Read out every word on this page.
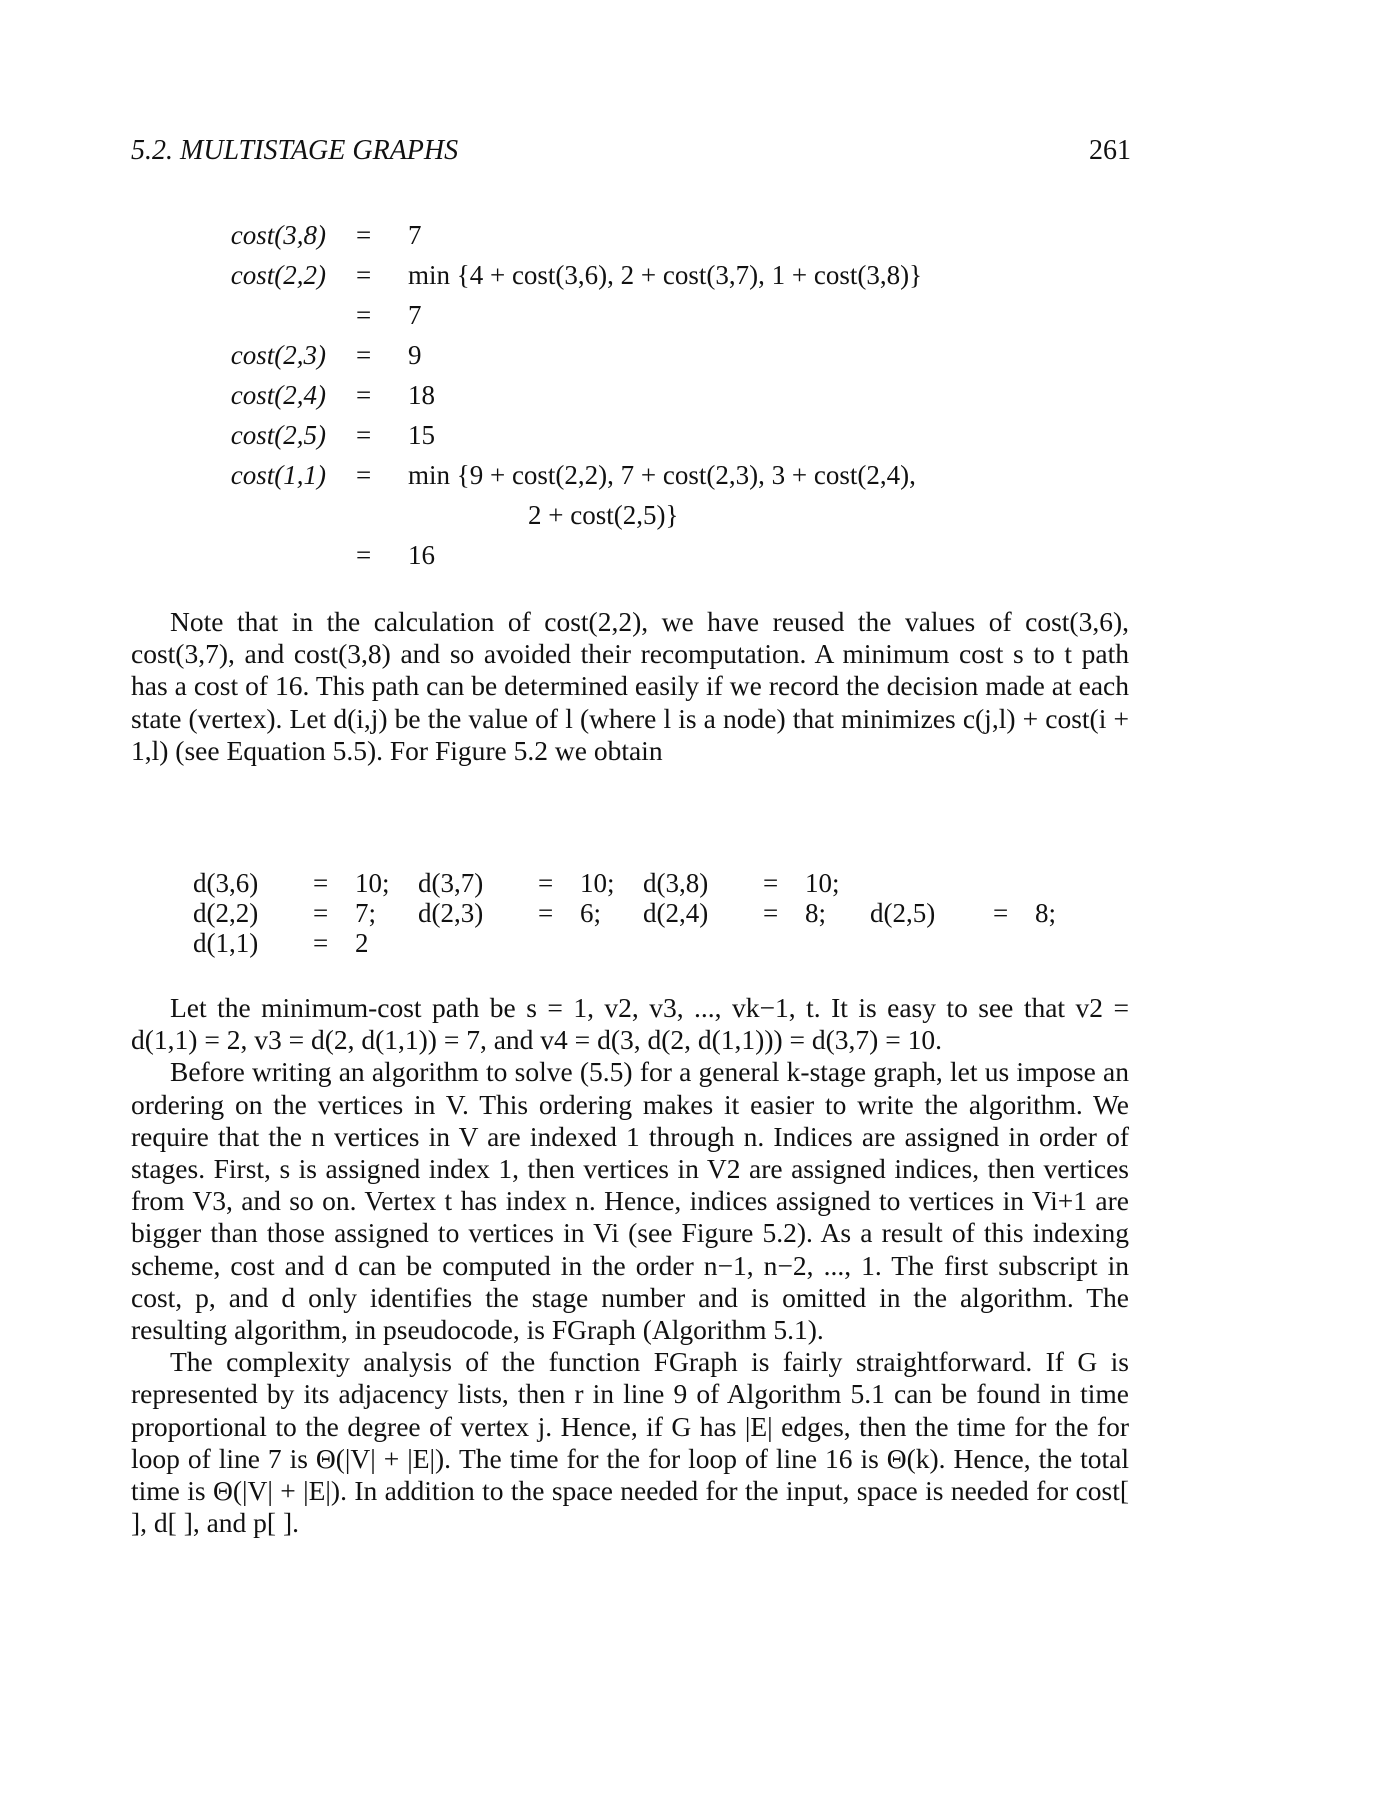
5.2. MULTISTAGE GRAPHS	261
cost(3,8) = 7
cost(2,2) = min {4 + cost(3,6), 2 + cost(3,7), 1 + cost(3,8)}
= 7
cost(2,3) = 9
cost(2,4) = 18
cost(2,5) = 15
cost(1,1) = min {9 + cost(2,2), 7 + cost(2,3), 3 + cost(2,4),
2 + cost(2,5)}
= 16

Note that in the calculation of cost(2,2), we have reused the values of cost(3,6), cost(3,7), and cost(3,8) and so avoided their recomputation. A minimum cost s to t path has a cost of 16. This path can be determined easily if we record the decision made at each state (vertex). Let d(i,j) be the value of l (where l is a node) that minimizes c(j,l) + cost(i + 1,l) (see Equation 5.5). For Figure 5.2 we obtain

d(3,6) = 10; d(3,7) = 10; d(3,8) = 10;
d(2,2) = 7; d(2,3) = 6; d(2,4) = 8; d(2,5) = 8;
d(1,1) = 2

Let the minimum-cost path be s = 1, v2, v3, ..., vk−1, t. It is easy to see that v2 = d(1,1) = 2, v3 = d(2, d(1,1)) = 7, and v4 = d(3, d(2, d(1,1))) = d(3,7) = 10.

Before writing an algorithm to solve (5.5) for a general k-stage graph, let us impose an ordering on the vertices in V. This ordering makes it easier to write the algorithm. We require that the n vertices in V are indexed 1 through n. Indices are assigned in order of stages. First, s is assigned index 1, then vertices in V2 are assigned indices, then vertices from V3, and so on. Vertex t has index n. Hence, indices assigned to vertices in Vi+1 are bigger than those assigned to vertices in Vi (see Figure 5.2). As a result of this indexing scheme, cost and d can be computed in the order n−1, n−2, ..., 1. The first subscript in cost, p, and d only identifies the stage number and is omitted in the algorithm. The resulting algorithm, in pseudocode, is FGraph (Algorithm 5.1).

The complexity analysis of the function FGraph is fairly straightforward. If G is represented by its adjacency lists, then r in line 9 of Algorithm 5.1 can be found in time proportional to the degree of vertex j. Hence, if G has |E| edges, then the time for the for loop of line 7 is Θ(|V| + |E|). The time for the for loop of line 16 is Θ(k). Hence, the total time is Θ(|V| + |E|). In addition to the space needed for the input, space is needed for cost[ ], d[ ], and p[ ].
